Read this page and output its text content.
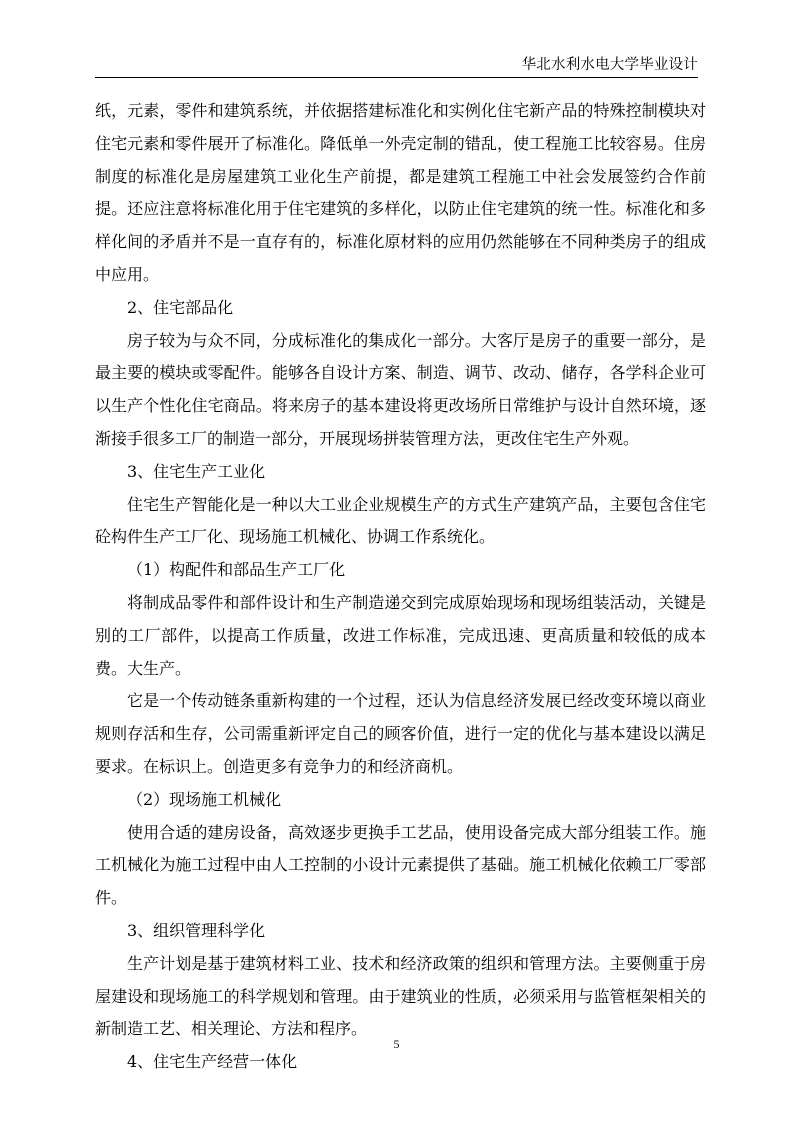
华北水利水电大学毕业设计

纸，元素，零件和建筑系统，并依据搭建标准化和实例化住宅新产品的特殊控制模块对住宅元素和零件展开了标准化。降低单一外壳定制的错乱，使工程施工比较容易。住房制度的标准化是房屋建筑工业化生产前提，都是建筑工程施工中社会发展签约合作前提。还应注意将标准化用于住宅建筑的多样化，以防止住宅建筑的统一性。标准化和多样化间的矛盾并不是一直存有的，标准化原材料的应用仍然能够在不同种类房子的组成中应用。

2、住宅部品化

房子较为与众不同，分成标准化的集成化一部分。大客厅是房子的重要一部分，是最主要的模块或零配件。能够各自设计方案、制造、调节、改动、储存，各学科企业可以生产个性化住宅商品。将来房子的基本建设将更改场所日常维护与设计自然环境，逐渐接手很多工厂的制造一部分，开展现场拼装管理方法，更改住宅生产外观。

3、住宅生产工业化

住宅生产智能化是一种以大工业企业规模生产的方式生产建筑产品，主要包含住宅砼构件生产工厂化、现场施工机械化、协调工作系统化。

（1）构配件和部品生产工厂化

将制成品零件和部件设计和生产制造递交到完成原始现场和现场组装活动，关键是别的工厂部件，以提高工作质量，改进工作标准，完成迅速、更高质量和较低的成本费。大生产。

它是一个传动链条重新构建的一个过程，还认为信息经济发展已经改变环境以商业规则存活和生存，公司需重新评定自己的顾客价值，进行一定的优化与基本建设以满足要求。在标识上。创造更多有竞争力的和经济商机。

（2）现场施工机械化

使用合适的建房设备，高效逐步更换手工艺品，使用设备完成大部分组装工作。施工机械化为施工过程中由人工控制的小设计元素提供了基础。施工机械化依赖工厂零部件。

3、组织管理科学化

生产计划是基于建筑材料工业、技术和经济政策的组织和管理方法。主要侧重于房屋建设和现场施工的科学规划和管理。由于建筑业的性质，必须采用与监管框架相关的新制造工艺、相关理论、方法和程序。

4、住宅生产经营一体化

5
